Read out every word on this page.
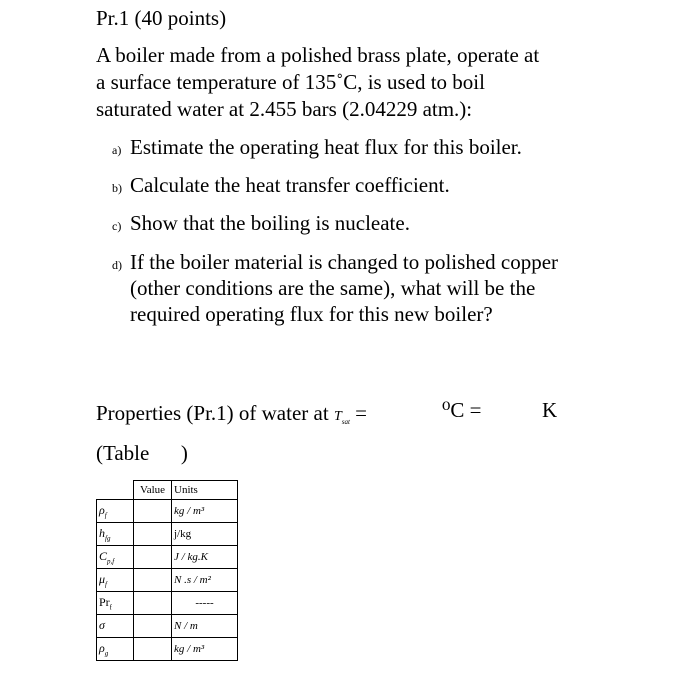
Pr.1 (40 points)
A boiler made from a polished brass plate, operate at
a surface temperature of 135˚C, is used to boil
saturated water at 2.455 bars (2.04229 atm.):
a) Estimate the operating heat flux for this boiler.
b) Calculate the heat transfer coefficient.
c) Show that the boiling is nucleate.
d) If the boiler material is changed to polished copper (other conditions are the same), what will be the required operating flux for this new boiler?
Properties (Pr.1) of water at $T_{sat}$ =
(Table      )
⁰C =	K
	Value	Units
$\rho_f$		kg / m³
$h_{fg}$		j/kg
$C_{p,f}$		J / kg.K
$\mu_f$		N .s / m²
$Pr_f$		-----
σ		N / m
$\rho_g$		kg / m³
